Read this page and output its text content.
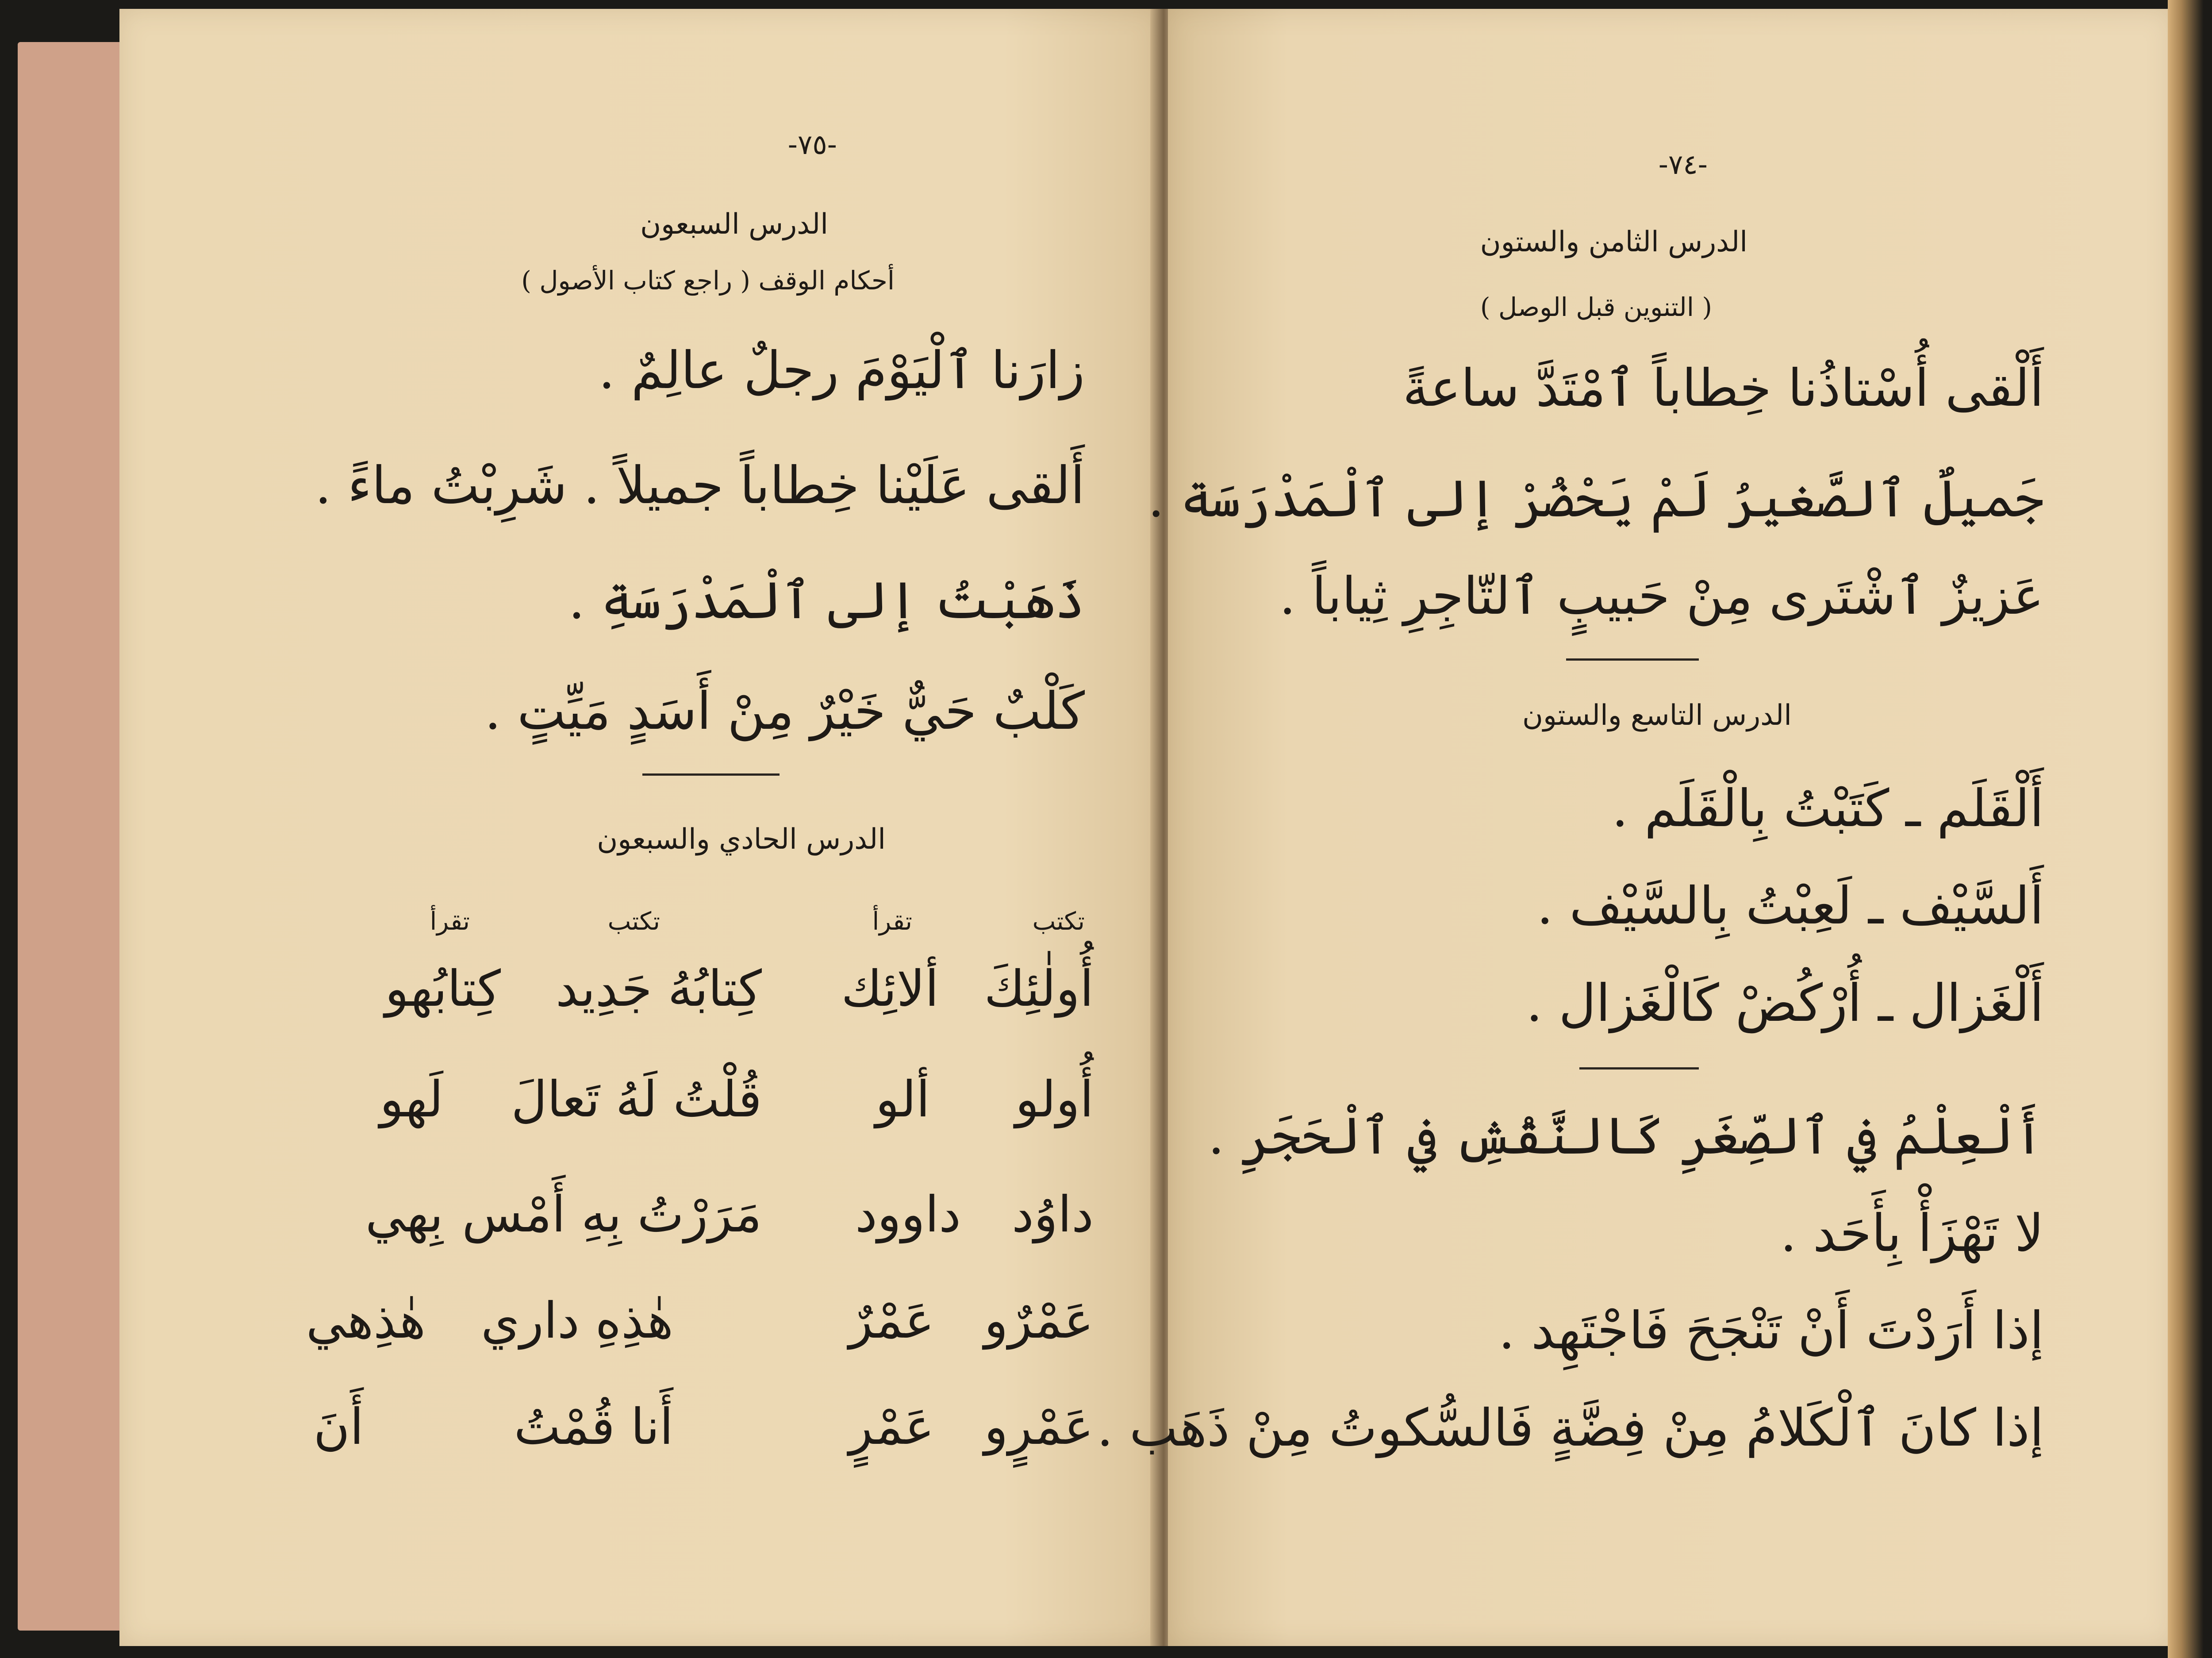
-٧٥-
الدرس السبعون
أحكام الوقف ( راجع كتاب الأصول )
زارَنا ٱلْيَوْمَ رجلٌ عالِمٌ .
أَلقى عَلَيْنا خِطاباً جميلاً . شَرِبْتُ ماءً .
ذَهَبْتُ إلى ٱلْمَدْرَسَةِ .
كَلْبٌ حَيٌّ خَيْرٌ مِنْ أَسَدٍ مَيِّتٍ .
الدرس الحادي والسبعون
تكتب
تقرأ
تكتب
تقرأ
أُولٰئِكَ
ألائِك
كِتابُهُ جَدِيد
كِتابُهو
أُولو
ألو
قُلْتُ لَهُ تَعالَ
لَهو
داوُد
داوود
مَرَرْتُ بِهِ أَمْس
بِهي
عَمْرٌو
عَمْرٌ
هٰذِهِ داري
هٰذِهي
عَمْرٍو
عَمْرٍ
أَنا قُمْتُ
أَنَ
-٧٤-
الدرس الثامن والستون
( التنوين قبل الوصل )
أَلْقى أُسْتاذُنا خِطاباً ٱمْتَدَّ ساعةً
جَميلٌ ٱلصَّغيرُ لَمْ يَحْضُرْ إلى ٱلْمَدْرَسَة .
عَزيزٌ ٱشْتَرى مِنْ حَبيبٍ ٱلتّاجِرِ ثِياباً .
الدرس التاسع والستون
أَلْقَلَم ـ كَتَبْتُ بِالْقَلَم .
أَلسَّيْف ـ لَعِبْتُ بِالسَّيْف .
أَلْغَزال ـ أُرْكُضْ كَالْغَزال .
أَلْعِلْمُ في ٱلصِّغَرِ كَالنَّقْشِ في ٱلْحَجَرِ .
لا تَهْزَأْ بِأَحَد .
إذا أَرَدْتَ أَنْ تَنْجَحَ فَاجْتَهِد .
إذا كانَ ٱلْكَلامُ مِنْ فِضَّةٍ فَالسُّكوتُ مِنْ ذَهَب .
